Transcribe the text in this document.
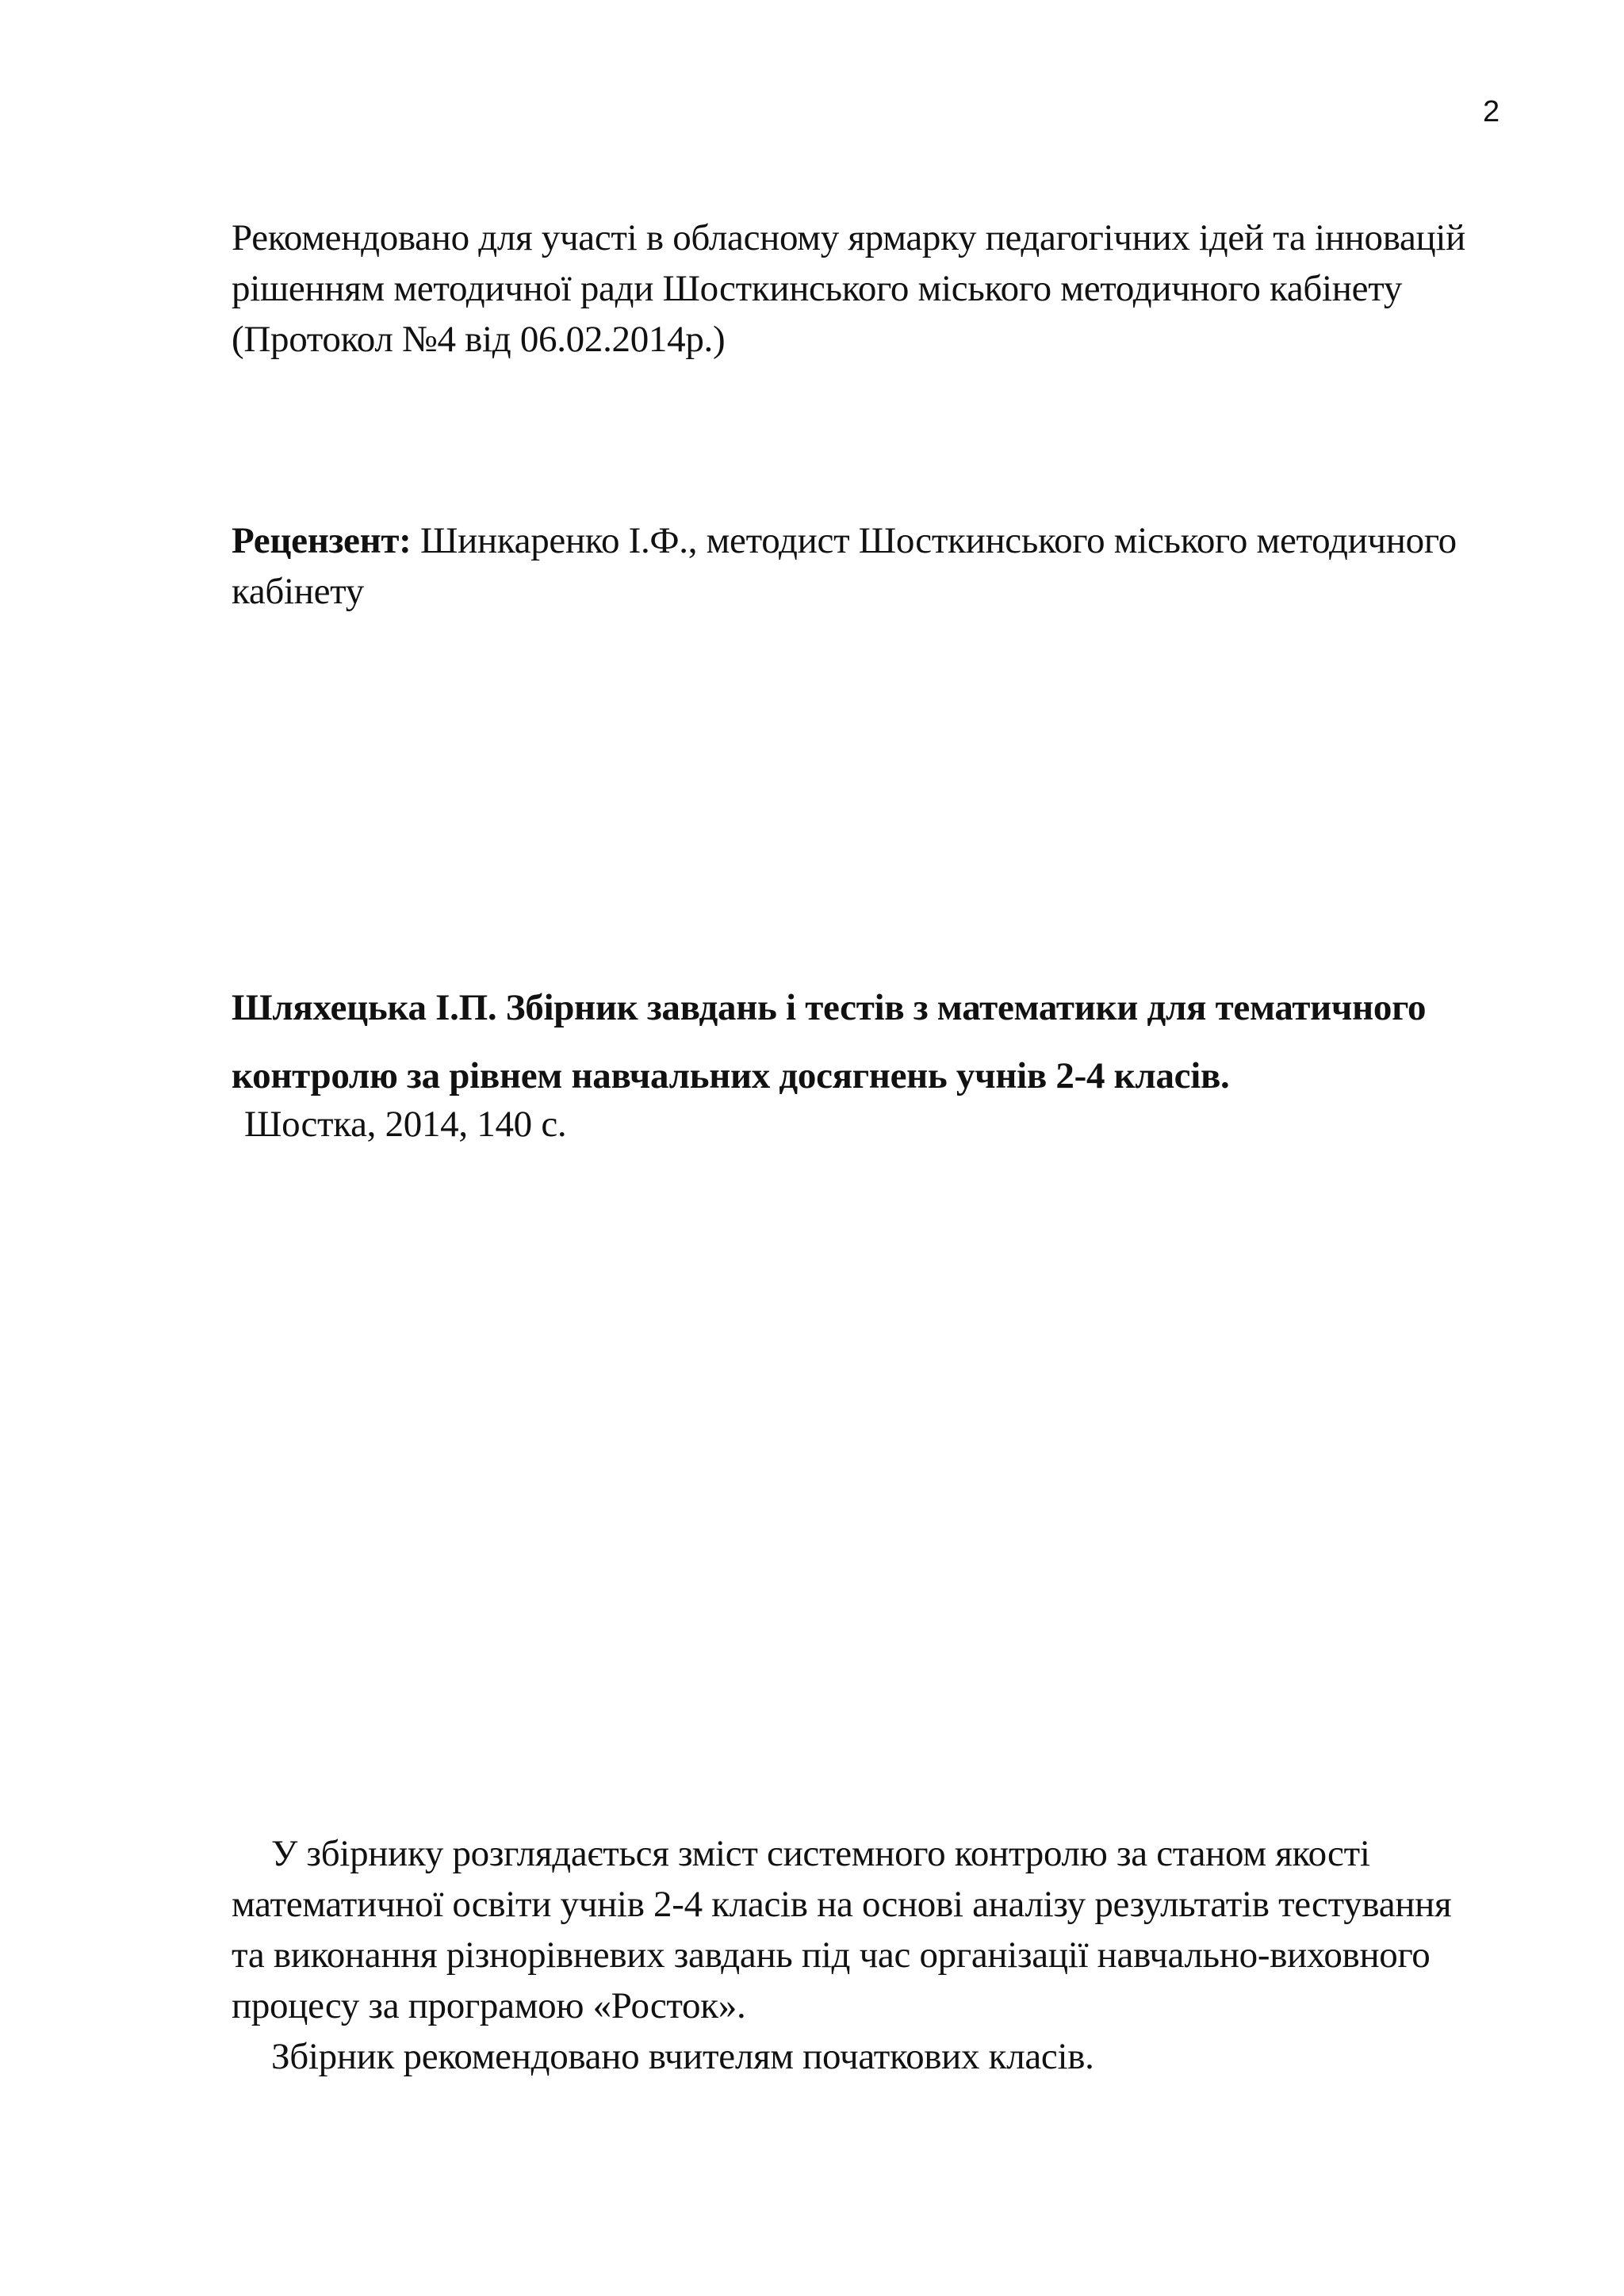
2

Рекомендовано для участі в обласному ярмарку педагогічних ідей та інновацій

рішенням методичної ради Шосткинського міського методичного кабінету

(Протокол №4 від 06.02.2014р.)

Рецензент: Шинкаренко І.Ф., методист Шосткинського міського методичного

кабінету

Шляхецька І.П. Збірник завдань і тестів з математики для тематичного

контролю за рівнем навчальних досягнень учнів 2-4 класів.

Шостка, 2014, 140 с.

У збірнику розглядається зміст системного контролю за станом якості

математичної освіти учнів 2-4 класів на основі аналізу результатів тестування

та виконання різнорівневих завдань під час організації навчально-виховного

процесу за програмою «Росток».

Збірник рекомендовано вчителям початкових класів.
